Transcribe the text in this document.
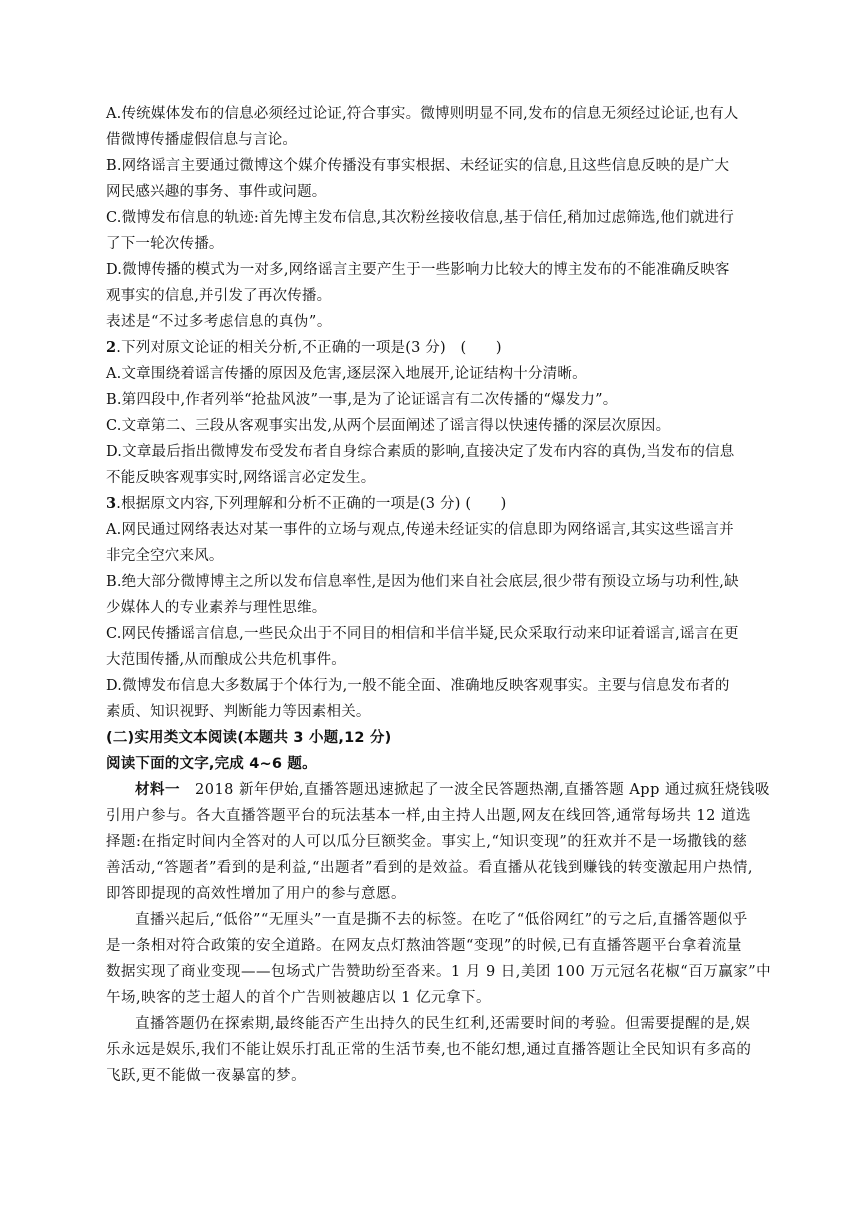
A.传统媒体发布的信息必须经过论证,符合事实。微博则明显不同,发布的信息无须经过论证,也有人
借微博传播虚假信息与言论。
B.网络谣言主要通过微博这个媒介传播没有事实根据、未经证实的信息,且这些信息反映的是广大
网民感兴趣的事务、事件或问题。
C.微博发布信息的轨迹:首先博主发布信息,其次粉丝接收信息,基于信任,稍加过虑筛选,他们就进行
了下一轮次传播。
D.微博传播的模式为一对多,网络谣言主要产生于一些影响力比较大的博主发布的不能准确反映客
观事实的信息,并引发了再次传播。
表述是“不过多考虑信息的真伪”。
2.下列对原文论证的相关分析,不正确的一项是(3 分)　(　　)
A.文章围绕着谣言传播的原因及危害,逐层深入地展开,论证结构十分清晰。
B.第四段中,作者列举“抢盐风波”一事,是为了论证谣言有二次传播的“爆发力”。
C.文章第二、三段从客观事实出发,从两个层面阐述了谣言得以快速传播的深层次原因。
D.文章最后指出微博发布受发布者自身综合素质的影响,直接决定了发布内容的真伪,当发布的信息
不能反映客观事实时,网络谣言必定发生。
3.根据原文内容,下列理解和分析不正确的一项是(3 分) (　　)
A.网民通过网络表达对某一事件的立场与观点,传递未经证实的信息即为网络谣言,其实这些谣言并
非完全空穴来风。
B.绝大部分微博博主之所以发布信息率性,是因为他们来自社会底层,很少带有预设立场与功利性,缺
少媒体人的专业素养与理性思维。
C.网民传播谣言信息,一些民众出于不同目的相信和半信半疑,民众采取行动来印证着谣言,谣言在更
大范围传播,从而酿成公共危机事件。
D.微博发布信息大多数属于个体行为,一般不能全面、准确地反映客观事实。主要与信息发布者的
素质、知识视野、判断能力等因素相关。
(二)实用类文本阅读(本题共 3 小题,12 分)
阅读下面的文字,完成 4~6 题。
材料一　2018 新年伊始,直播答题迅速掀起了一波全民答题热潮,直播答题 App 通过疯狂烧钱吸
引用户参与。各大直播答题平台的玩法基本一样,由主持人出题,网友在线回答,通常每场共 12 道选
择题:在指定时间内全答对的人可以瓜分巨额奖金。事实上,“知识变现”的狂欢并不是一场撒钱的慈
善活动,“答题者”看到的是利益,“出题者”看到的是效益。看直播从花钱到赚钱的转变激起用户热情,
即答即提现的高效性增加了用户的参与意愿。
直播兴起后,“低俗”“无厘头”一直是撕不去的标签。在吃了“低俗网红”的亏之后,直播答题似乎
是一条相对符合政策的安全道路。在网友点灯熬油答题“变现”的时候,已有直播答题平台拿着流量
数据实现了商业变现——包场式广告赞助纷至沓来。1 月 9 日,美团 100 万元冠名花椒“百万赢家”中
午场,映客的芝士超人的首个广告则被趣店以 1 亿元拿下。
直播答题仍在探索期,最终能否产生出持久的民生红利,还需要时间的考验。但需要提醒的是,娱
乐永远是娱乐,我们不能让娱乐打乱正常的生活节奏,也不能幻想,通过直播答题让全民知识有多高的
飞跃,更不能做一夜暴富的梦。
